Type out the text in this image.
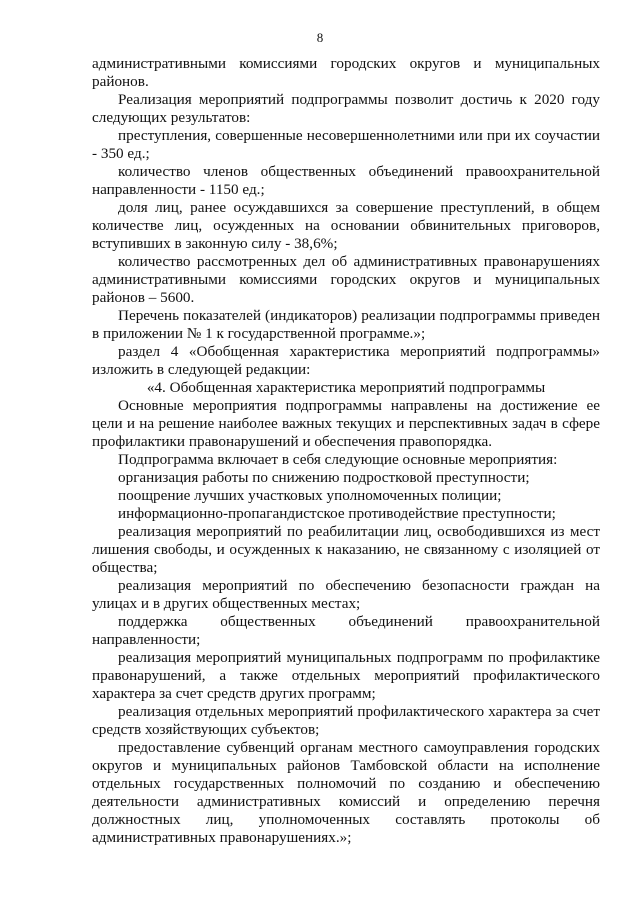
8

административными комиссиями городских округов и муниципальных районов.

Реализация мероприятий подпрограммы позволит достичь к 2020 году следующих результатов:

преступления, совершенные несовершеннолетними или при их соучастии - 350 ед.;

количество членов общественных объединений правоохранительной направленности - 1150 ед.;

доля лиц, ранее осуждавшихся за совершение преступлений, в общем количестве лиц, осужденных на основании обвинительных приговоров, вступивших в законную силу - 38,6%;

количество рассмотренных дел об административных правонарушениях административными комиссиями городских округов и муниципальных районов – 5600.

Перечень показателей (индикаторов) реализации подпрограммы приведен в приложении № 1 к государственной программе.»;

раздел 4 «Обобщенная характеристика мероприятий подпрограммы» изложить в следующей редакции:

«4. Обобщенная характеристика мероприятий подпрограммы

Основные мероприятия подпрограммы направлены на достижение ее цели и на решение наиболее важных текущих и перспективных задач в сфере профилактики правонарушений и обеспечения правопорядка.

Подпрограмма включает в себя следующие основные мероприятия:

организация работы по снижению подростковой преступности;

поощрение лучших участковых уполномоченных полиции;

информационно-пропагандистское противодействие преступности;

реализация мероприятий по реабилитации лиц, освободившихся из мест лишения свободы, и осужденных к наказанию, не связанному с изоляцией от общества;

реализация мероприятий по обеспечению безопасности граждан на улицах и в других общественных местах;

поддержка общественных объединений правоохранительной направленности;

реализация мероприятий муниципальных подпрограмм по профилактике правонарушений, а также отдельных мероприятий профилактического характера за счет средств других программ;

реализация отдельных мероприятий профилактического характера за счет средств хозяйствующих субъектов;

предоставление субвенций органам местного самоуправления городских округов и муниципальных районов Тамбовской области на исполнение отдельных государственных полномочий по созданию и обеспечению деятельности административных комиссий и определению перечня должностных лиц, уполномоченных составлять протоколы об административных правонарушениях.»;
